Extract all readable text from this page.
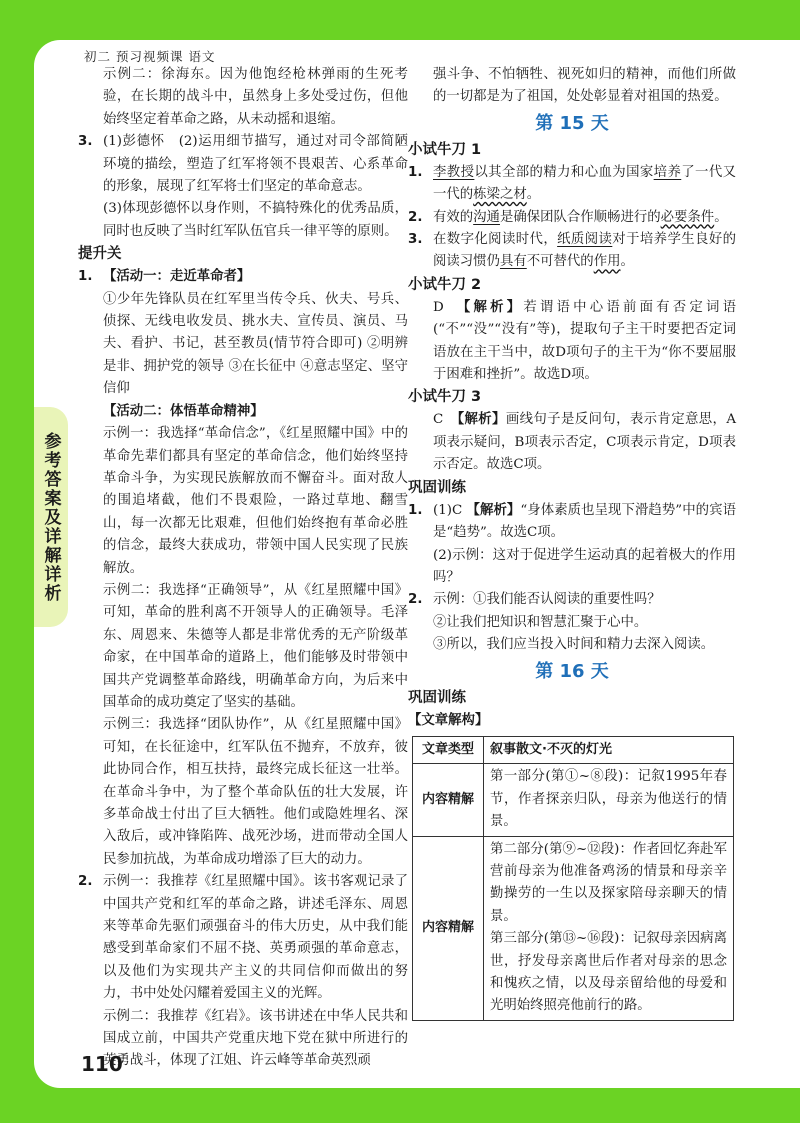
初二 预习视频课 语文
参考答案及详解详析

示例二：徐海东。因为他饱经枪林弹雨的生死考验，在长期的战斗中，虽然身上多处受过伤，但他始终坚定着革命之路，从未动摇和退缩。

3. (1)彭德怀　(2)运用细节描写，通过对司令部简陋环境的描绘，塑造了红军将领不畏艰苦、心系革命的形象，展现了红军将士们坚定的革命意志。

(3)体现彭德怀以身作则，不搞特殊化的优秀品质，同时也反映了当时红军队伍官兵一律平等的原则。

提升关
1. 【活动一：走近革命者】

①少年先锋队员在红军里当传令兵、伙夫、号兵、侦探、无线电收发员、挑水夫、宣传员、演员、马夫、看护、书记，甚至教员(情节符合即可) ②明辨是非、拥护党的领导 ③在长征中 ④意志坚定、坚守信仰

【活动二：体悟革命精神】

示例一：我选择“革命信念”，《红星照耀中国》中的革命先辈们都具有坚定的革命信念，他们始终坚持革命斗争，为实现民族解放而不懈奋斗。面对敌人的围追堵截，他们不畏艰险，一路过草地、翻雪山，每一次都无比艰难，但他们始终抱有革命必胜的信念，最终大获成功，带领中国人民实现了民族解放。

示例二：我选择“正确领导”，从《红星照耀中国》可知，革命的胜利离不开领导人的正确领导。毛泽东、周恩来、朱德等人都是非常优秀的无产阶级革命家，在中国革命的道路上，他们能够及时带领中国共产党调整革命路线，明确革命方向，为后来中国革命的成功奠定了坚实的基础。

示例三：我选择“团队协作”，从《红星照耀中国》可知，在长征途中，红军队伍不抛弃，不放弃，彼此协同合作，相互扶持，最终完成长征这一壮举。在革命斗争中，为了整个革命队伍的壮大发展，许多革命战士付出了巨大牺牲。他们或隐姓埋名、深入敌后，或冲锋陷阵、战死沙场，进而带动全国人民参加抗战，为革命成功增添了巨大的动力。

2. 示例一：我推荐《红星照耀中国》。该书客观记录了中国共产党和红军的革命之路，讲述毛泽东、周恩来等革命先驱们顽强奋斗的伟大历史，从中我们能感受到革命家们不屈不挠、英勇顽强的革命意志，以及他们为实现共产主义的共同信仰而做出的努力，书中处处闪耀着爱国主义的光辉。

示例二：我推荐《红岩》。该书讲述在中华人民共和国成立前，中国共产党重庆地下党在狱中所进行的英勇战斗，体现了江姐、许云峰等革命英烈顽

强斗争、不怕牺牲、视死如归的精神，而他们所做的一切都是为了祖国，处处彰显着对祖国的热爱。

第 15 天
小试牛刀 1
1. 李教授以其全部的精力和心血为国家培养了一代又一代的栋梁之材。

2. 有效的沟通是确保团队合作顺畅进行的必要条件。

3. 在数字化阅读时代，纸质阅读对于培养学生良好的阅读习惯仍具有不可替代的作用。

小试牛刀 2

D　 【解析】若谓语中心语前面有否定词语(“不”“没”“没有”等)，提取句子主干时要把否定词语放在主干当中，故D项句子的主干为“你不要屈服于困难和挫折”。故选D项。

小试牛刀 3

C　 【解析】画线句子是反问句，表示肯定意思，A项表示疑问，B项表示否定，C项表示肯定，D项表示否定。故选C项。

巩固训练
1. (1)C 【解析】“身体素质也呈现下滑趋势”中的宾语是“趋势”。故选C项。

(2)示例：这对于促进学生运动真的起着极大的作用吗？

2. 示例：①我们能否认阅读的重要性吗？

②让我们把知识和智慧汇聚于心中。

③所以，我们应当投入时间和精力去深入阅读。

第 16 天
巩固训练

【文章解构】

文章类型	叙事散文·不灭的灯光
内容精解	第一部分(第①~⑧段)：记叙1995年春节，作者探亲归队，母亲为他送行的情景。
内容精解	第二部分(第⑨~⑫段)：作者回忆奔赴军营前母亲为他准备鸡汤的情景和母亲辛勤操劳的一生以及探家陪母亲聊天的情景。

第三部分(第⑬~⑯段)：记叙母亲因病离世，抒发母亲离世后作者对母亲的思念和愧疚之情，以及母亲留给他的母爱和光明始终照亮他前行的路。

110
